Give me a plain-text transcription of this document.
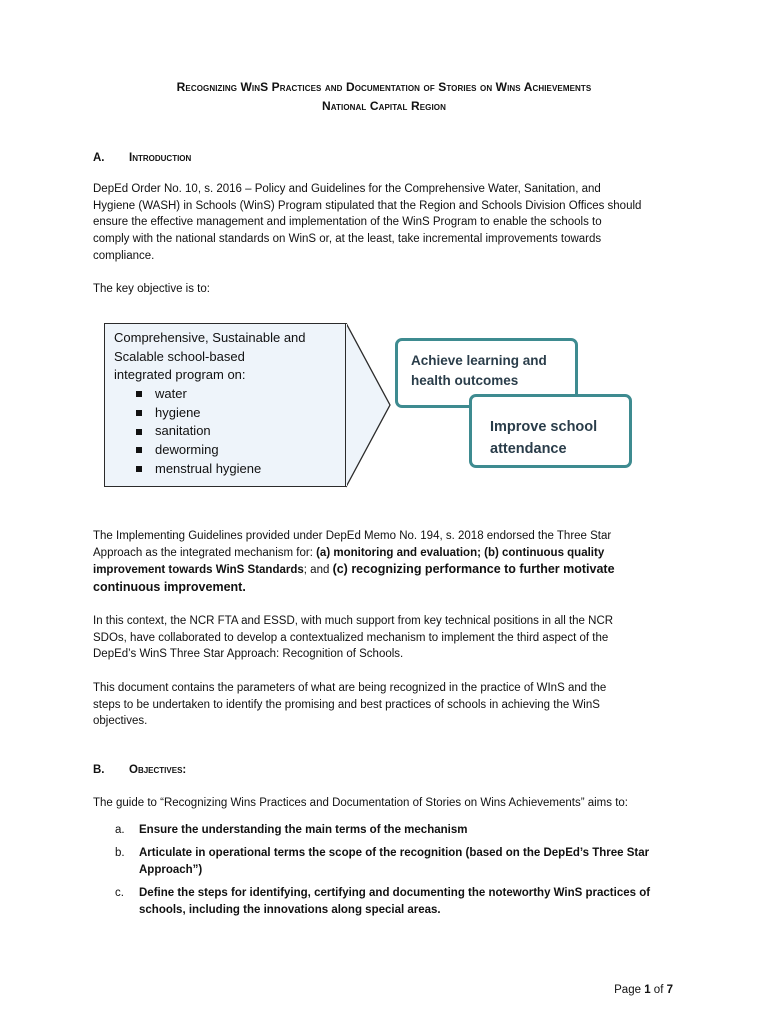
Recognizing WinS Practices and Documentation of Stories on Wins Achievements
National Capital Region
A.	Introduction
DepEd Order No. 10, s. 2016 – Policy and Guidelines for the Comprehensive Water, Sanitation, and
Hygiene (WASH) in Schools (WinS) Program stipulated that the Region and Schools Division Offices should
ensure the effective management and implementation of the WinS Program to enable the schools to
comply with the national standards on WinS or, at the least, take incremental improvements towards
compliance.
The key objective is to:
Comprehensive, Sustainable and
Scalable school-based
integrated program on:
water
hygiene
sanitation
deworming
menstrual hygiene
Achieve learning and
health outcomes
Improve school
attendance
The Implementing Guidelines provided under DepEd Memo No. 194, s. 2018 endorsed the Three Star
Approach as the integrated mechanism for: (a) monitoring and evaluation; (b) continuous quality
improvement towards WinS Standards; and (c) recognizing performance to further motivate
continuous improvement.
In this context, the NCR FTA and ESSD, with much support from key technical positions in all the NCR
SDOs, have collaborated to develop a contextualized mechanism to implement the third aspect of the
DepEd’s WinS Three Star Approach: Recognition of Schools.
This document contains the parameters of what are being recognized in the practice of WInS and the
steps to be undertaken to identify the promising and best practices of schools in achieving the WinS
objectives.
B.	Objectives:
The guide to “Recognizing Wins Practices and Documentation of Stories on Wins Achievements” aims to:
a.	Ensure the understanding the main terms of the mechanism
b.	Articulate in operational terms the scope of the recognition (based on the DepEd’s Three Star
Approach”)
c.	Define the steps for identifying, certifying and documenting the noteworthy WinS practices of
schools, including the innovations along special areas.
Page 1 of 7
